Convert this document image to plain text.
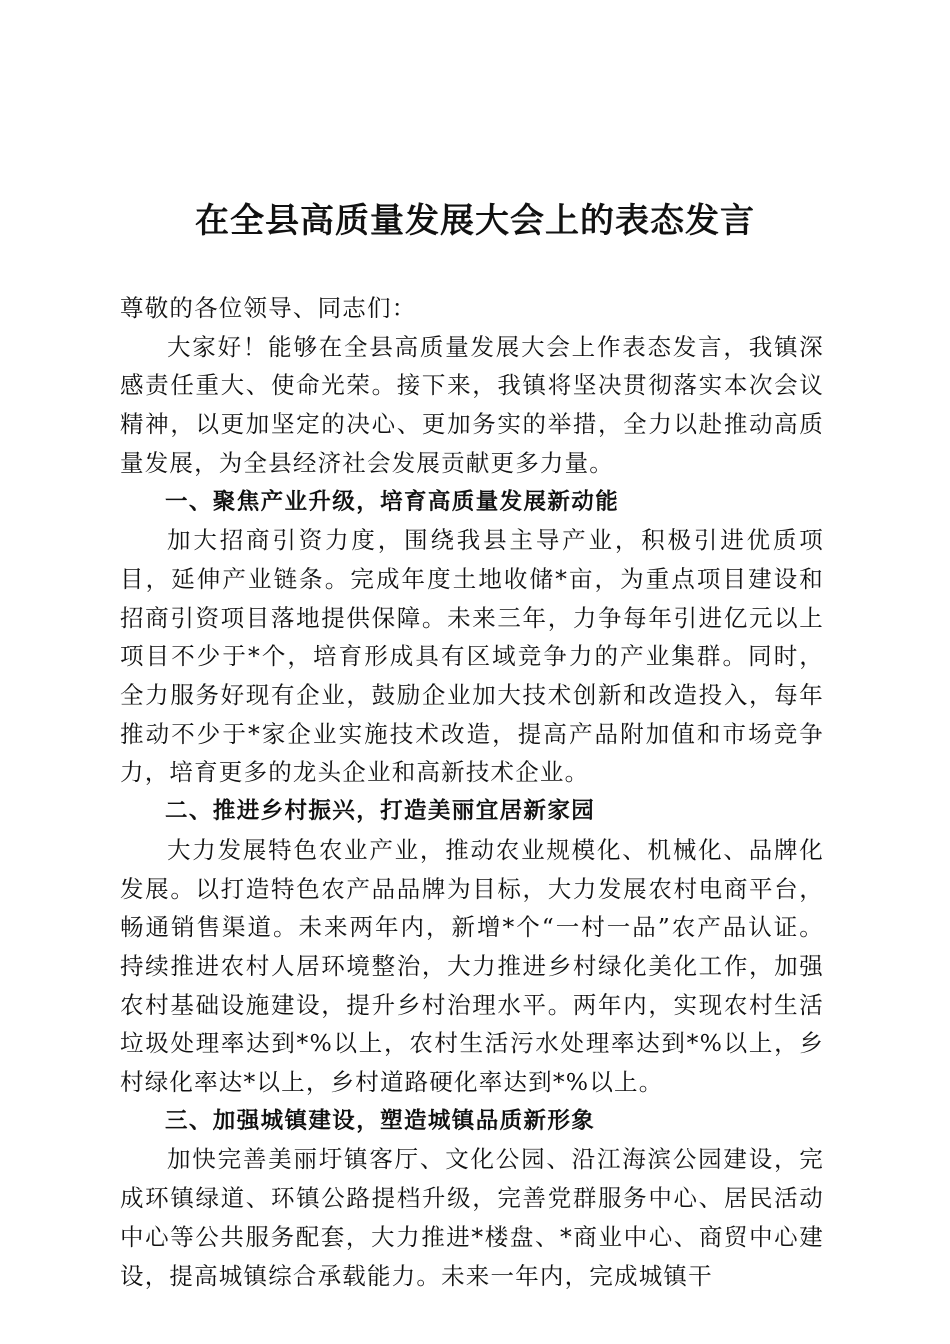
在全县高质量发展大会上的表态发言

尊敬的各位领导、同志们：

大家好！能够在全县高质量发展大会上作表态发言，我镇深感责任重大、使命光荣。接下来，我镇将坚决贯彻落实本次会议精神，以更加坚定的决心、更加务实的举措，全力以赴推动高质量发展，为全县经济社会发展贡献更多力量。

一、聚焦产业升级，培育高质量发展新动能

加大招商引资力度，围绕我县主导产业，积极引进优质项目，延伸产业链条。完成年度土地收储*亩，为重点项目建设和招商引资项目落地提供保障。未来三年，力争每年引进亿元以上项目不少于*个，培育形成具有区域竞争力的产业集群。同时，全力服务好现有企业，鼓励企业加大技术创新和改造投入，每年推动不少于*家企业实施技术改造，提高产品附加值和市场竞争力，培育更多的龙头企业和高新技术企业。

二、推进乡村振兴，打造美丽宜居新家园

大力发展特色农业产业，推动农业规模化、机械化、品牌化发展。以打造特色农产品品牌为目标，大力发展农村电商平台，畅通销售渠道。未来两年内，新增*个“一村一品”农产品认证。持续推进农村人居环境整治，大力推进乡村绿化美化工作，加强农村基础设施建设，提升乡村治理水平。两年内，实现农村生活垃圾处理率达到*%以上，农村生活污水处理率达到*%以上，乡村绿化率达*以上，乡村道路硬化率达到*%以上。

三、加强城镇建设，塑造城镇品质新形象

加快完善美丽圩镇客厅、文化公园、沿江海滨公园建设，完成环镇绿道、环镇公路提档升级，完善党群服务中心、居民活动中心等公共服务配套，大力推进*楼盘、*商业中心、商贸中心建设，提高城镇综合承载能力。未来一年内，完成城镇干
